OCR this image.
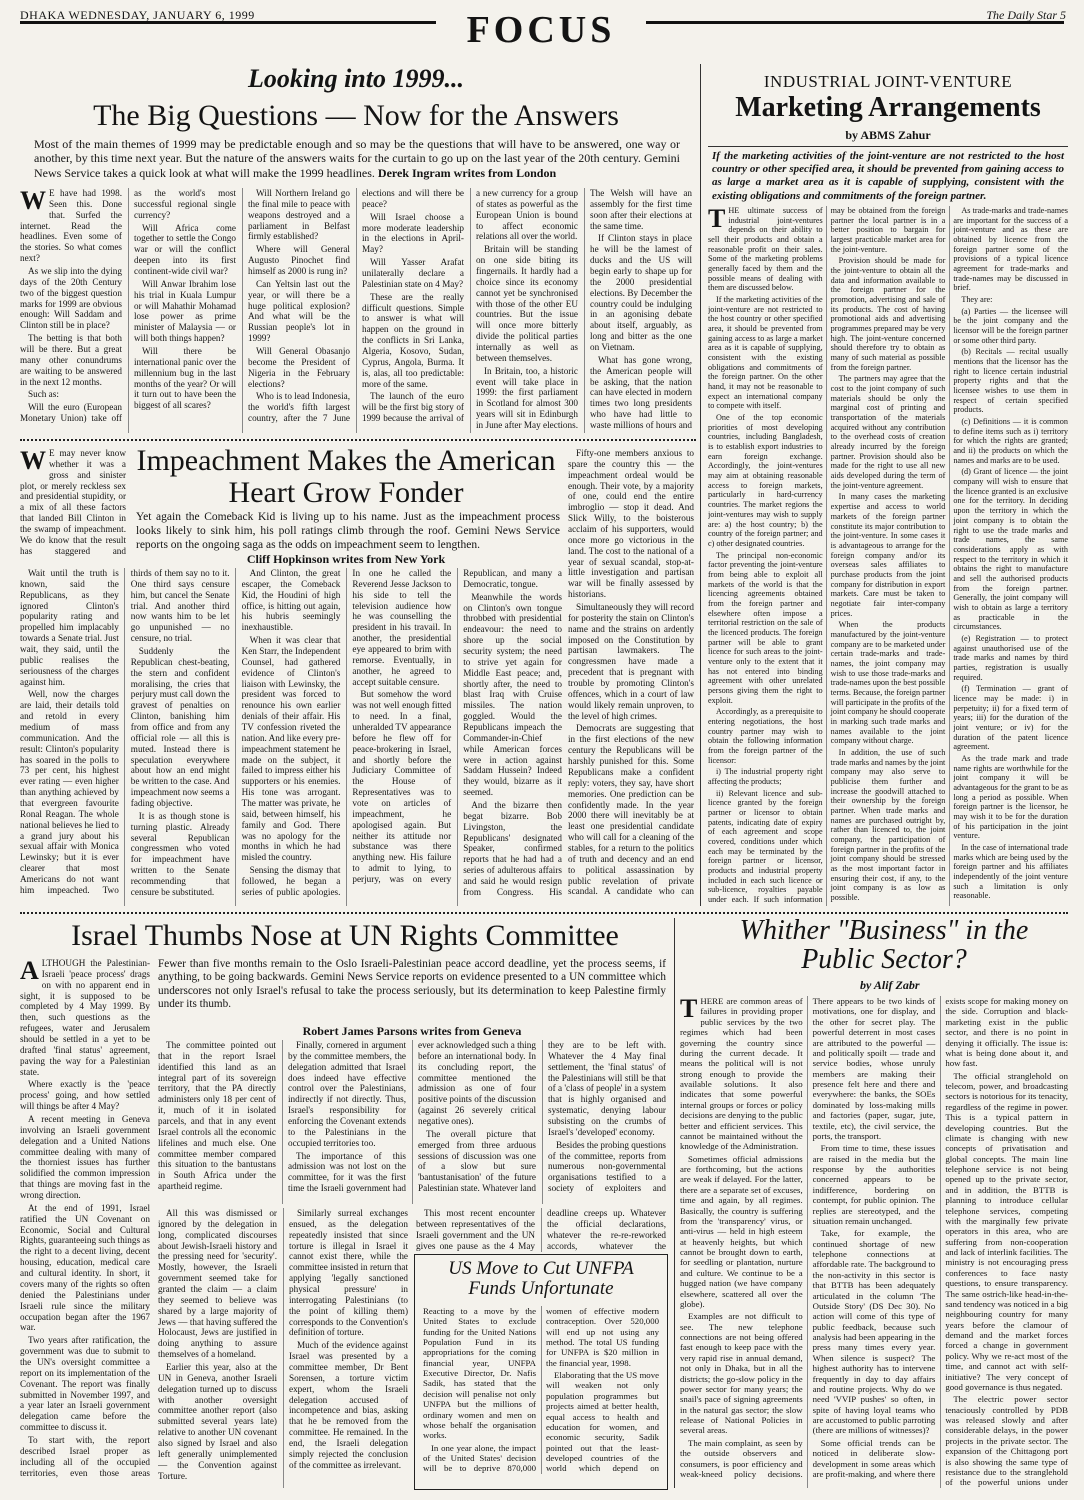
DHAKA WEDNESDAY, JANUARY 6, 1999	FOCUS	The Daily Star 5
Looking into 1999...
The Big Questions — Now for the Answers
Most of the main themes of 1999 may be predictable enough and so may be the questions that will have to be answered, one way or another, by this time next year. But the nature of the answers waits for the curtain to go up on the last year of the 20th century. Gemini News Service takes a quick look at what will make the 1999 headlines. Derek Ingram writes from London
W E have had 1998. Seen this. Done that. Surfed the internet. Read the headlines. Even some of the stories. So what comes next?

As we slip into the dying days of the 20th Century two of the biggest question marks for 1999 are obvious enough: Will Saddam and Clinton still be in place?

The betting is that both will be there. But a great many other conundrums are waiting to be answered in the next 12 months.

Such as:

Will the euro (European Monetary Union) take off as the world's most successful regional single currency?

Will Africa come together to settle the Congo war or will the conflict deepen into its first continent-wide civil war?

Will Anwar Ibrahim lose his trial in Kuala Lumpur or will Mahathir Mohamad lose power as prime minister of Malaysia — or will both things happen?

Will there be international panic over the millennium bug in the last months of the year? Or will it turn out to have been the biggest of all scares?

Will Northern Ireland go the final mile to peace with weapons destroyed and a parliament in Belfast firmly established?

Where will General Augusto Pinochet find himself as 2000 is rung in?

Can Yeltsin last out the year, or will there be a huge political explosion? And what will be the Russian people's lot in 1999?

Will General Obasanjo become the President of Nigeria in the February elections?

Who is to lead Indonesia, the world's fifth largest country, after the 7 June elections and will there be peace?

Will Israel choose a more moderate leadership in the elections in April-May?

Will Yasser Arafat unilaterally declare a Palestinian state on 4 May?

These are the really difficult questions. Simple to answer is what will happen on the ground in the conflicts in Sri Lanka, Algeria, Kosovo, Sudan, Cyprus, Angola, Burma. It is, alas, all too predictable: more of the same.

The launch of the euro will be the first big story of 1999 because the arrival of a new currency for a group of states as powerful as the European Union is bound to affect economic relations all over the world.

Britain will be standing on one side biting its fingernails. It hardly had a choice since its economy cannot yet be synchronised with those of the other EU countries. But the issue will once more bitterly divide the political parties internally as well as between themselves.

In Britain, too, a historic event will take place in 1999: the first parliament in Scotland for almost 300 years will sit in Edinburgh in June after May elections. The Welsh will have an assembly for the first time soon after their elections at the same time.

If Clinton stays in place he will be the lamest of ducks and the US will begin early to shape up for the 2000 presidential elections. By December the country could be indulging in an agonising debate about itself, arguably, as long and bitter as the one on Vietnam.

What has gone wrong, the American people will be asking, that the nation can have elected in modern times two long presidents who have had little to waste millions of hours and

INDUSTRIAL JOINT-VENTURE
Marketing Arrangements
by ABMS Zahur
If the marketing activities of the joint-venture are not restricted to the host country or other specified area, it should be prevented from gaining access to as large a market area as it is capable of supplying, consistent with the existing obligations and commitments of the foreign partner.
T HE ultimate success of industrial joint-ventures depends on their ability to sell their products and obtain a reasonable profit on their sales. Some of the marketing problems generally faced by them and the possible means of dealing with them are discussed below.

If the marketing activities of the joint-venture are not restricted to the host country or other specified area, it should be prevented from gaining access to as large a market area as it is capable of supplying, consistent with the existing obligations and commitments of the foreign partner. On the other hand, it may not be reasonable to expect an international company to compete with itself.

One of the top economic priorities of most developing countries, including Bangladesh, is to establish export industries to earn foreign exchange. Accordingly, the joint-ventures may aim at obtaining reasonable access to foreign markets, particularly in hard-currency countries. The market regions the joint-ventures may wish to supply are: a) the host country; b) the country of the foreign partner; and c) other designated countries.

The principal non-economic factor preventing the joint-venture from being able to exploit all markets of the world is that the licencing agreements obtained from the foreign partner and elsewhere often impose a territorial restriction on the sale of the licenced products. The foreign partner will be able to grant licence for such areas to the joint-venture only to the extent that it has not entered into binding agreement with other unrelated persons giving them the right to exploit.

Accordingly, as a prerequisite to entering negotiations, the host country partner may wish to obtain the following information from the foreign partner of the licensor:

i) The industrial property right affecting the products;

ii) Relevant licence and sub-licence granted by the foreign partner or licensor to obtain patents, indicating date of expiry of each agreement and scope covered, conditions under which each may be terminated by the foreign partner or licensor, products and industrial property included in each such licence or sub-licence, royalties payable under each. If such information may be obtained from the foreign partner the local partner is in a better position to bargain for largest practicable market area for the joint-venture.

Provision should be made for the joint-venture to obtain all the data and information available to the foreign partner for the promotion, advertising and sale of its products. The cost of having promotional aids and advertising programmes prepared may be very high. The joint-venture concerned should therefore try to obtain as many of such material as possible from the foreign partner.

The partners may agree that the cost to the joint company of such materials should be only the marginal cost of printing and transportation of the materials acquired without any contribution to the overhead costs of creation already incurred by the foreign partner. Provision should also be made for the right to use all new aids developed during the term of the joint-venture agreement.

In many cases the marketing expertise and access to world markets of the foreign partner constitute its major contribution to the joint-venture. In some cases it is advantageous to arrange for the foreign company and/or its overseas sales affiliates to purchase products from the joint company for distribution in export markets. Care must be taken to negotiate fair inter-company prices.

When the products manufactured by the joint-venture company are to be marketed under certain trade-marks and trade-names, the joint company may wish to use those trade-marks and trade-names upon the best possible terms. Because, the foreign partner will participate in the profits of the joint company he should cooperate in marking such trade marks and names available to the joint company without charge.

In addition, the use of such trade marks and names by the joint company may also serve to publicise them further and increase the goodwill attached to their ownership by the foreign partner. When trade marks and names are purchased outright by, rather than licenced to, the joint company, the participation of foreign partner in the profits of the joint company should be stressed as the most important factor in ensuring their cost, if any, to the joint company is as low as possible.

As trade-marks and trade-names are important for the success of a joint-venture and as these are obtained by licence from the foreign partner some of the provisions of a typical licence agreement for trade-marks and trade-names may be discussed in brief.

They are:

(a) Parties — the licensee will be the joint company and the licensor will be the foreign partner or some other third party.

(b) Recitals — recital usually mentions that the licensor has the right to licence certain industrial property rights and that the licensee wishes to use them in respect of certain specified products.

(c) Definitions — it is common to define items such as i) territory for which the rights are granted; and ii) the products on which the names and marks are to be used.

(d) Grant of licence — the joint company will wish to ensure that the licence granted is an exclusive one for the territory. In deciding upon the territory in which the joint company is to obtain the right to use the trade marks and trade names, the same considerations apply as with respect to the territory in which it obtains the right to manufacture and sell the authorised products from the foreign partner. Generally, the joint company will wish to obtain as large a territory as practicable in the circumstances.

(e) Registration — to protect against unauthorised use of the trade marks and names by third parties, registration is usually required.

(f) Termination — grant of licence may be made: i) in perpetuity; ii) for a fixed term of years; iii) for the duration of the joint venture; or iv) for the duration of the patent licence agreement.

As the trade mark and trade name rights are worthwhile for the joint company it will be advantageous for the grant to be as long a period as possible. When foreign partner is the licensor, he may wish it to be for the duration of his participation in the joint venture.

In the case of international trade marks which are being used by the foreign partner and his affiliates independently of the joint venture such a limitation is only reasonable.

W E may never know whether it was a gross and sinister plot, or merely reckless sex and presidential stupidity, or a mix of all these factors that landed Bill Clinton in the swamp of impeachment. We do know that the result has staggered and
Impeachment Makes the American
Heart Grow Fonder
Yet again the Comeback Kid is living up to his name. Just as the impeachment process looks likely to sink him, his poll ratings climb through the roof. Gemini News Service reports on the ongoing saga as the odds on impeachment seem to lengthen.
Cliff Hopkinson writes from New York

Wait until the truth is known, said the Republicans, as they ignored Clinton's popularity rating and propelled him implacably towards a Senate trial. Just wait, they said, until the public realises the seriousness of the charges against him.

Well, now the charges are laid, their details told and retold in every medium of mass communication. And the result: Clinton's popularity has soared in the polls to 73 per cent, his highest ever rating — even higher than anything achieved by that evergreen favourite Ronal Reagan. The whole national believes he lied to a grand jury about his sexual affair with Monica Lewinsky; but it is ever clearer that most Americans do not want him impeached. Two thirds of them say no to it. One third says censure him, but cancel the Senate trial. And another third now wants him to be let go unpunished — no censure, no trial.

Suddenly the Republican chest-beating, the stern and confident moralising, the cries that perjury must call down the gravest of penalties on Clinton, banishing him from office and from any official role — all this is muted. Instead there is speculation everywhere about how an end might be written to the case. And impeachment now seems a fading objective.

It is as though stone is turning plastic. Already several Republican congressmen who voted for impeachment have written to the Senate recommending that censure be substituted.

And Clinton, the great escaper, the Comeback Kid, the Houdini of high office, is hitting out again, his hubris seemingly inexhaustible.

When it was clear that Ken Starr, the Independent Counsel, had gathered evidence of Clinton's liaison with Lewinsky, the president was forced to renounce his own earlier denials of their affair. His TV confession riveted the nation. And like every pre-impeachment statement he made on the subject, it failed to impress either his supporters or his enemies. His tone was arrogant. The matter was private, he said, between himself, his family and God. There was no apology for the months in which he had misled the country.

Sensing the dismay that followed, he began a series of public apologies. In one he called the Reverend Jesse Jackson to his side to tell the television audience how he was counselling the president in his travail. In another, the presidential eye appeared to brim with remorse. Eventually, in another, he agreed to accept suitable censure.

But somehow the word was not well enough fitted to need. In a final, unheralded TV appearance before he flew off for peace-brokering in Israel, and shortly before the Judiciary Committee of the House of Representatives was to vote on articles of impeachment, he apologised again. But neither its attitude nor substance was there anything new. His failure to admit to lying, to perjury, was on every Republican, and many a Democratic, tongue.

Meanwhile the words on Clinton's own tongue throbbed with presidential endeavour: the need to shore up the social security system; the need to strive yet again for Middle East peace; and, shortly after, the need to blast Iraq with Cruise missiles. The nation goggled. Would the Republicans impeach the Commander-in-Chief while American forces were in action against Saddam Hussein? Indeed they would, bizarre as it seemed.

And the bizarre then begat bizarre. Bob Livingston, the Republicans' designated Speaker, confirmed reports that he had had a series of adulterous affairs and said he would resign from Congress. His

Fifty-one members anxious to spare the country this — the impeachment ordeal would be enough. Their vote, by a majority of one, could end the entire imbroglio — stop it dead. And Slick Willy, to the boisterous acclaim of his supporters, would once more go victorious in the land. The cost to the national of a year of sexual scandal, stop-at-little investigation and partisan war will be finally assessed by historians.

Simultaneously they will record for posterity the stain on Clinton's name and the strains on ardently imposed on the Constitution by partisan lawmakers. The congressmen have made a precedent that is pregnant with trouble by promoting Clinton's offences, which in a court of law would likely remain unproven, to the level of high crimes.

Democrats are suggesting that in the first elections of the new century the Republicans will be harshly punished for this. Some Republicans make a confident reply: voters, they say, have short memories. One prediction can be confidently made. In the year 2000 there will inevitably be at least one presidential candidate who will call for a cleaning of the stables, for a return to the politics of truth and decency and an end to political assassination by public revelation of private scandal. A candidate who can

Whither "Business" in the Public Sector?
by Alif Zabr
T HERE are common areas of failures in providing proper public services by the two regimes which had been governing the country since during the current decade. It means the political will is not strong enough to provide the available solutions. It also indicates that some powerful internal groups or forces or policy decisions are denying to the public better and efficient services. This cannot be maintained without the knowledge of the Administration.

Sometimes official admissions are forthcoming, but the actions are weak if delayed. For the latter, there are a separate set of excuses, time and again, by all regimes. Basically, the country is suffering from the 'transparency' virus, or anti-virus — held in high esteem at heavenly heights, but which cannot be brought down to earth, for seedling or plantation, nurture and culture. We continue to be a hugged nation (we have company elsewhere, scattered all over the globe).

Examples are not difficult to see. The new telephone connections are not being offered fast enough to keep pace with the very rapid rise in annual demand, not only in Dhaka, but in all the districts; the go-slow policy in the power sector for many years; the snail's pace of signing agreements in the natural gas sector; the slow release of National Policies in several areas.

The main complaint, as seen by the outside observers and consumers, is poor efficiency and weak-kneed policy decisions. There appears to be two kinds of motivations, one for display, and the other for secret play. The powerful deterrent in most cases are attributed to the powerful — and politically spoilt — trade and service bodies, whose unruly members are making their presence felt here and there and everywhere: the banks, the SOEs dominated by loss-making mills and factories (paper, sugar, jute, textile, etc), the civil service, the ports, the transport.

From time to time, these issues are raised in the media but the response by the authorities concerned appears to be indifference, bordering on contempt, for public opinion. The replies are stereotyped, and the situation remain unchanged.

Take, for example, the continued shortage of new telephone connections at affordable rate. The background to the non-activity in this sector is that BTTB has been adequately articulated in the column 'The Outside Story' (DS Dec 30). No action will come of this type of public feedback, because such analysis had been appearing in the press many times every year. When silence is suspect? The highest authority has to intervene frequently in day to day affairs and routine projects. Why do we need 'VVIP pushes' so often, in spite of having loyal teams who are accustomed to public parroting (there are millions of witnesses)?

Some official trends can be noticed in deliberate slow-development in some areas which are profit-making, and where there exists scope for making money on the side. Corruption and black-marketing exist in the public sector, and there is no point in denying it officially. The issue is: what is being done about it, and how fast.

The official stranglehold on telecom, power, and broadcasting sectors is notorious for its tenacity, regardless of the regime in power. This is a typical pattern in developing countries. But the climate is changing with new concepts of privatisation and global concepts. The main line telephone service is not being opened up to the private sector, and in addition, the BTTB is planning to introduce cellular telephone services, competing with the marginally few private operators in this area, who are suffering from non-cooperation and lack of interlink facilities. The ministry is not encouraging press conferences to face nasty questions, to ensure transparency. The same ostrich-like head-in-the-sand tendency was noticed in a big neighbouring country for many years before the clamour of demand and the market forces forced a change in government policy. Why we re-act most of the time, and cannot act with self-initiative? The very concept of good governance is thus negated.

The electric power sector tenaciously controlled by PDB was released slowly and after considerable delays, in the power projects in the private sector. The expansion of the Chittagong port is also showing the same type of resistance due to the stranglehold of the powerful unions under

Israel Thumbs Nose at UN Rights Committee
A LTHOUGH the Palestinian-Israeli 'peace process' drags on with no apparent end in sight, it is supposed to be completed by 4 May 1999. By then, such questions as the refugees, water and Jerusalem should be settled in a yet to be drafted 'final status' agreement, paving the way for a Palestinian state.

Where exactly is the 'peace process' going, and how settled will things be after 4 May?

A recent meeting in Geneva involving an Israeli government delegation and a United Nations committee dealing with many of the thorniest issues has further solidified the common impression that things are moving fast in the wrong direction.

At the end of 1991, Israel ratified the UN Covenant on Economic, Social and Cultural Rights, guaranteeing such things as the right to a decent living, decent housing, education, medical care and cultural identity. In short, it covers many of the rights so often denied the Palestinians under Israeli rule since the military occupation began after the 1967 war.

Two years after ratification, the government was due to submit to the UN's oversight committee a report on its implementation of the Covenant. The report was finally submitted in November 1997, and a year later an Israeli government delegation came before the committee to discuss it.

To start with, the report described Israel proper as including all of the occupied territories, even those areas

Fewer than five months remain to the Oslo Israeli-Palestinian peace accord deadline, yet the process seems, if anything, to be going backwards. Gemini News Service reports on evidence presented to a UN committee which underscores not only Israel's refusal to take the process seriously, but its determination to keep Palestine firmly under its thumb.
Robert James Parsons writes from Geneva

The committee pointed out that in the report Israel identified this land as an integral part of its sovereign territory, that the PA directly administers only 18 per cent of it, much of it in isolated parcels, and that in any event Israel controls all the economic lifelines and much else. One committee member compared this situation to the bantustans in South Africa under the apartheid regime.

Finally, cornered in argument by the committee members, the delegation admitted that Israel does indeed have effective control over the Palestinians, indirectly if not directly. Thus, Israel's responsibility for enforcing the Covenant extends to the Palestinians in the occupied territories too.

The importance of this admission was not lost on the committee, for it was the first time the Israeli government had ever acknowledged such a thing before an international body. In its concluding report, the committee mentioned the admission as one of four positive points of the discussion (against 26 severely critical negative ones).

The overall picture that emerged from three arduous sessions of discussion was one of a slow but sure 'bantustanisation' of the future Palestinian state. Whatever land they are to be left with. Whatever the 4 May final settlement, the 'final status' of the Palestinians will still be that of a 'class of people' in a system that is highly organised and systematic, denying labour subsisting on the crumbs of Israel's 'developed' economy.

Besides the probing questions of the committee, reports from numerous non-governmental organisations testified to a society of exploiters and

All this was dismissed or ignored by the delegation in long, complicated discourses about Jewish-Israeli history and the pressing need for 'security'. Mostly, however, the Israeli government seemed take for granted the claim — a claim they seemed to believe was shared by a large majority of Jews — that having suffered the Holocaust, Jews are justified in doing anything to assure themselves of a homeland.

Earlier this year, also at the UN in Geneva, another Israeli delegation turned up to discuss with another oversight committee another report (also submitted several years late) relative to another UN covenant also signed by Israel and also left generally unimplemented — the Convention against Torture.

Similarly surreal exchanges ensued, as the delegation repeatedly insisted that since torture is illegal in Israel it cannot exist there, while the committee insisted in return that applying 'legally sanctioned physical pressure' in interrogating Palestinians (to the point of killing them) corresponds to the Convention's definition of torture.

Much of the evidence against Israel was presented by a committee member, Dr Bent Sorensen, a torture victim expert, whom the Israeli delegation accused of incompetence and bias, asking that he be removed from the committee. He remained. In the end, the Israeli delegation simply rejected the conclusion of the committee as irrelevant.

This most recent encounter between representatives of the Israeli government and the UN gives one pause as the 4 May deadline creeps up. Whatever the official declarations, whatever the re-re-reworked accords, whatever the

US Move to Cut UNFPA
Funds Unfortunate

Reacting to a move by the United States to exclude funding for the United Nations Population Fund in its appropriations for the coming financial year, UNFPA Executive Director, Dr. Nafis Sadik, has stated that the decision will penalise not only UNFPA but the millions of ordinary women and men on whose behalf the organisation works.

In one year alone, the impact of the United States' decision will be to deprive 870,000 women of effective modern contraception. Over 520,000 will end up not using any method. The total US funding for UNFPA is $20 million in the financial year, 1998.

Elaborating that the US move will weaken not only population programmes but projects aimed at better health, equal access to health and education for women, and economic security, Sadik pointed out that the least-developed countries of the world which depend on
